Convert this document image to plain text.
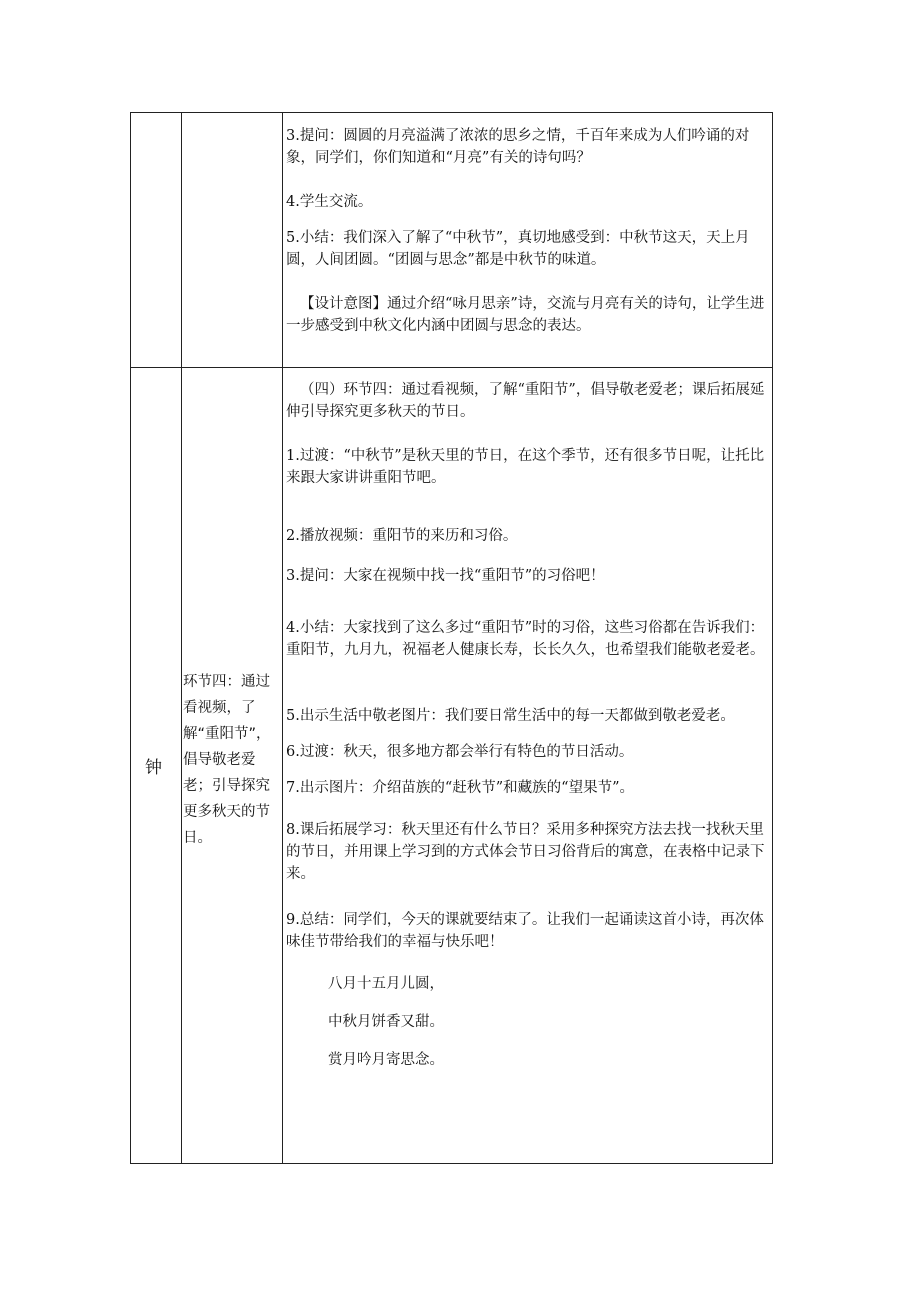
3.提问：圆圆的月亮溢满了浓浓的思乡之情，千百年来成为人们吟诵的对象，同学们，你们知道和“月亮”有关的诗句吗？

4.学生交流。

5.小结：我们深入了解了“中秋节”，真切地感受到：中秋节这天，天上月圆，人间团圆。“团圆与思念”都是中秋节的味道。

【设计意图】通过介绍“咏月思亲”诗，交流与月亮有关的诗句，让学生进一步感受到中秋文化内涵中团圆与思念的表达。

钟
环节四：通过看视频，了解“重阳节”，倡导敬老爱老；引导探究更多秋天的节日。

（四）环节四：通过看视频，了解“重阳节”，倡导敬老爱老；课后拓展延伸引导探究更多秋天的节日。

1.过渡：“中秋节”是秋天里的节日，在这个季节，还有很多节日呢，让托比来跟大家讲讲重阳节吧。

2.播放视频：重阳节的来历和习俗。

3.提问：大家在视频中找一找“重阳节”的习俗吧！

4.小结：大家找到了这么多过“重阳节”时的习俗，这些习俗都在告诉我们：重阳节，九月九，祝福老人健康长寿，长长久久，也希望我们能敬老爱老。

5.出示生活中敬老图片：我们要日常生活中的每一天都做到敬老爱老。

6.过渡：秋天，很多地方都会举行有特色的节日活动。

7.出示图片：介绍苗族的“赶秋节”和藏族的“望果节”。

8.课后拓展学习：秋天里还有什么节日？采用多种探究方法去找一找秋天里的节日，并用课上学习到的方式体会节日习俗背后的寓意，在表格中记录下来。

9.总结：同学们，今天的课就要结束了。让我们一起诵读这首小诗，再次体味佳节带给我们的幸福与快乐吧！

八月十五月儿圆，

中秋月饼香又甜。

赏月吟月寄思念。
